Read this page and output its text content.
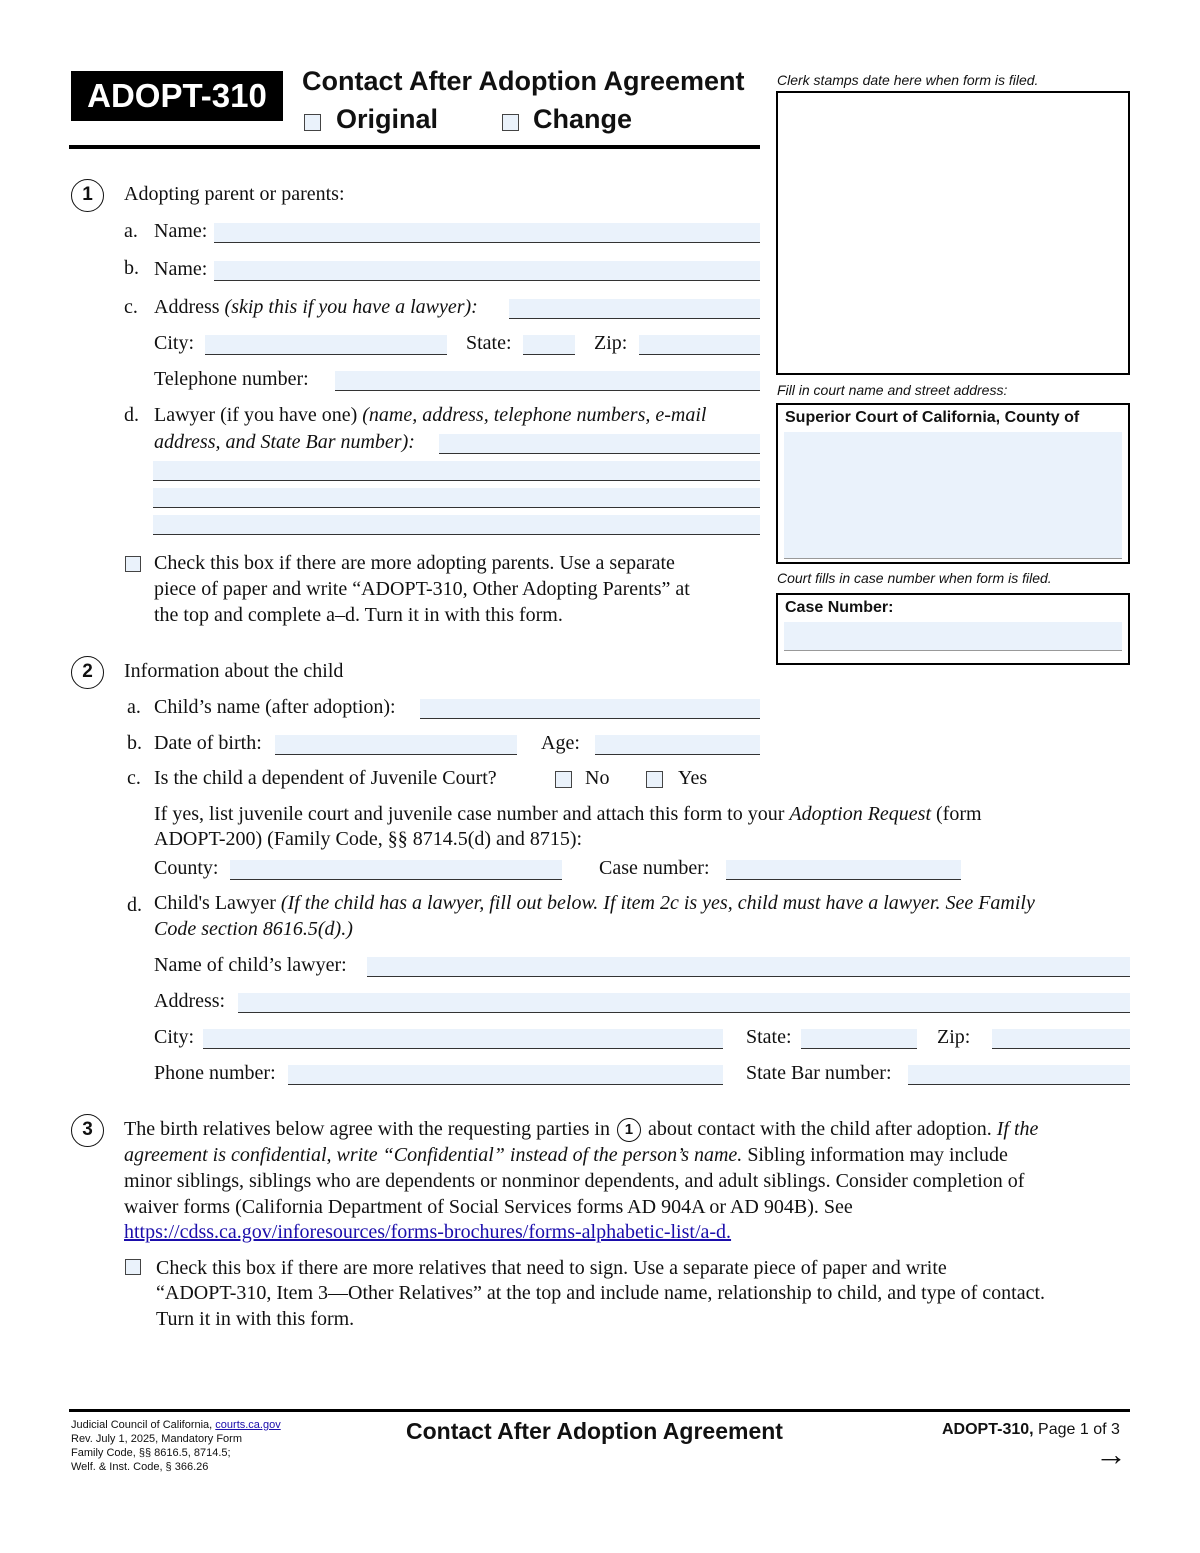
ADOPT-310	Contact After Adoption Agreement
Original	Change
Clerk stamps date here when form is filed.
Fill in court name and street address:
Superior Court of California, County of
Court fills in case number when form is filed.
Case Number:
1	Adopting parent or parents:
a. Name:
b. Name:
c. Address (skip this if you have a lawyer):
City:	State:	Zip:
Telephone number:
d. Lawyer (if you have one) (name, address, telephone numbers, e-mail
address, and State Bar number):
Check this box if there are more adopting parents. Use a separate
piece of paper and write “ADOPT-310, Other Adopting Parents” at
the top and complete a–d. Turn it in with this form.
2	Information about the child
a. Child’s name (after adoption):
b. Date of birth:	Age:
c. Is the child a dependent of Juvenile Court?	No	Yes
If yes, list juvenile court and juvenile case number and attach this form to your Adoption Request (form
ADOPT-200) (Family Code, §§ 8714.5(d) and 8715):
County:	Case number:
d. Child's Lawyer (If the child has a lawyer, fill out below. If item 2c is yes, child must have a lawyer. See Family
Code section 8616.5(d).)
Name of child’s lawyer:
Address:
City:	State:	Zip:
Phone number:	State Bar number:
3	The birth relatives below agree with the requesting parties in 1 about contact with the child after adoption. If the
agreement is confidential, write “Confidential” instead of the person’s name. Sibling information may include
minor siblings, siblings who are dependents or nonminor dependents, and adult siblings. Consider completion of
waiver forms (California Department of Social Services forms AD 904A or AD 904B). See
https://cdss.ca.gov/inforesources/forms-brochures/forms-alphabetic-list/a-d.
Check this box if there are more relatives that need to sign. Use a separate piece of paper and write
“ADOPT-310, Item 3—Other Relatives” at the top and include name, relationship to child, and type of contact.
Turn it in with this form.
Judicial Council of California, courts.ca.gov
Rev. July 1, 2025, Mandatory Form
Family Code, §§ 8616.5, 8714.5;
Welf. & Inst. Code, § 366.26
Contact After Adoption Agreement	ADOPT-310, Page 1 of 3
→
